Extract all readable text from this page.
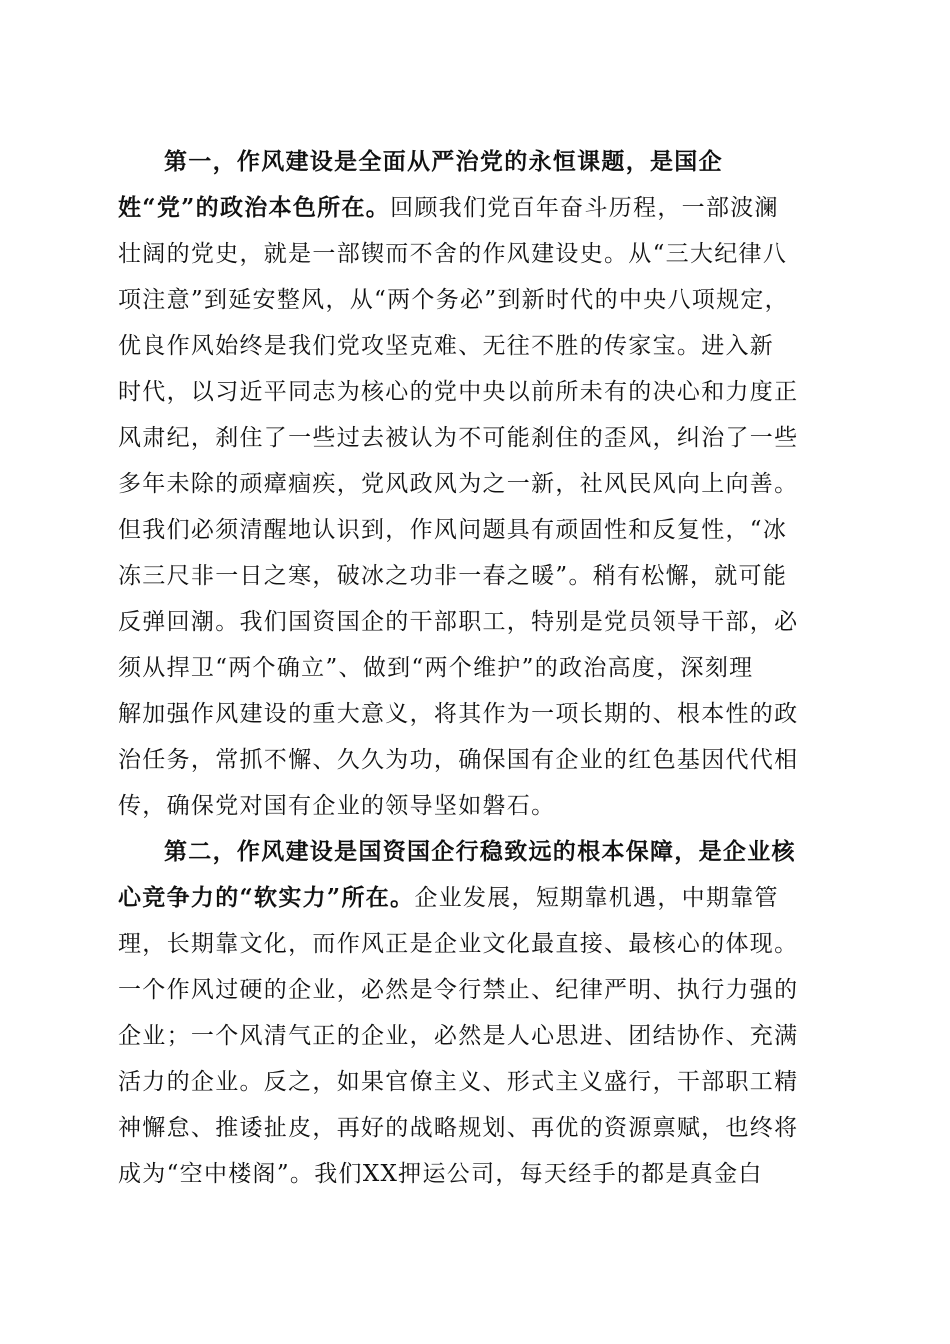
第一，作风建设是全面从严治党的永恒课题，是国企
姓“党”的政治本色所在。回顾我们党百年奋斗历程，一部波澜
壮阔的党史，就是一部锲而不舍的作风建设史。从“三大纪律八
项注意”到延安整风，从“两个务必”到新时代的中央八项规定，
优良作风始终是我们党攻坚克难、无往不胜的传家宝。进入新
时代，以习近平同志为核心的党中央以前所未有的决心和力度正
风肃纪，刹住了一些过去被认为不可能刹住的歪风，纠治了一些
多年未除的顽瘴痼疾，党风政风为之一新，社风民风向上向善。
但我们必须清醒地认识到，作风问题具有顽固性和反复性，“冰
冻三尺非一日之寒，破冰之功非一春之暖”。稍有松懈，就可能
反弹回潮。我们国资国企的干部职工，特别是党员领导干部，必
须从捍卫“两个确立”、做到“两个维护”的政治高度，深刻理
解加强作风建设的重大意义，将其作为一项长期的、根本性的政
治任务，常抓不懈、久久为功，确保国有企业的红色基因代代相
传，确保党对国有企业的领导坚如磐石。
第二，作风建设是国资国企行稳致远的根本保障，是企业核
心竞争力的“软实力”所在。企业发展，短期靠机遇，中期靠管
理，长期靠文化，而作风正是企业文化最直接、最核心的体现。
一个作风过硬的企业，必然是令行禁止、纪律严明、执行力强的
企业；一个风清气正的企业，必然是人心思进、团结协作、充满
活力的企业。反之，如果官僚主义、形式主义盛行，干部职工精
神懈怠、推诿扯皮，再好的战略规划、再优的资源禀赋，也终将
成为“空中楼阁”。我们XX押运公司，每天经手的都是真金白
